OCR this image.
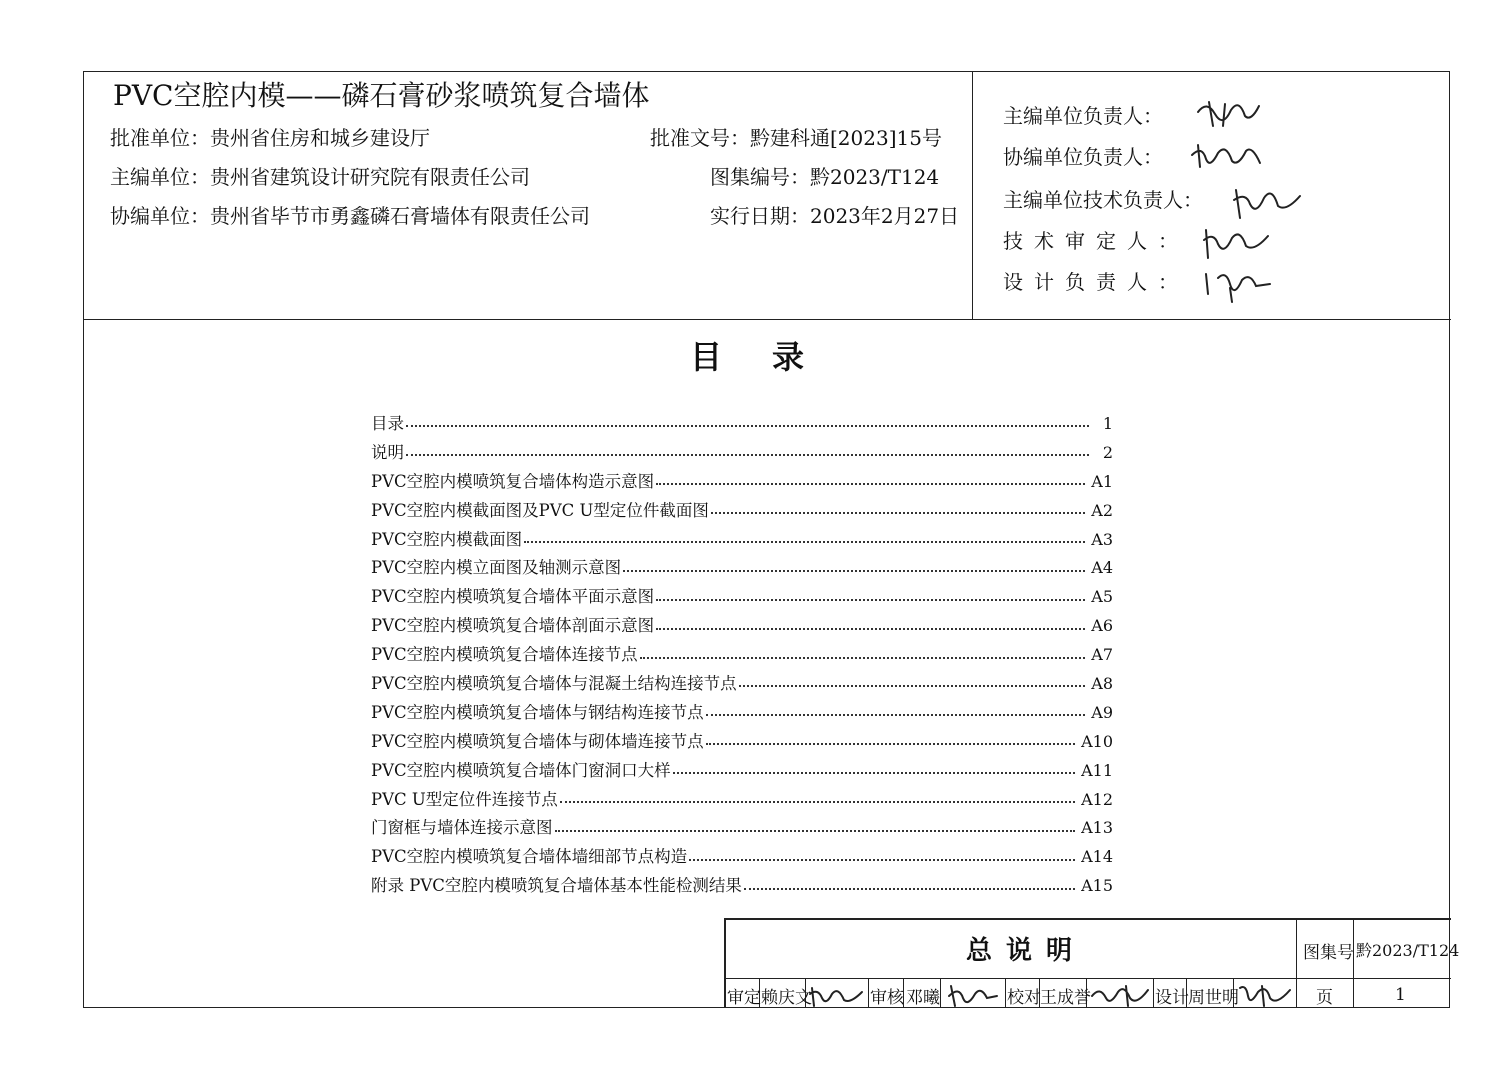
PVC空腔内模——磷石膏砂浆喷筑复合墙体
批准单位：贵州省住房和城乡建设厅	批准文号：黔建科通[2023]15号
主编单位：贵州省建筑设计研究院有限责任公司	图集编号：黔2023/T124
协编单位：贵州省毕节市勇鑫磷石膏墙体有限责任公司	实行日期：2023年2月27日
主编单位负责人：
协编单位负责人：
主编单位技术负责人：
技术审定人：
设计负责人：
目录
目录	1
说明	2
PVC空腔内模喷筑复合墙体构造示意图	A1
PVC空腔内模截面图及PVC U型定位件截面图	A2
PVC空腔内模截面图	A3
PVC空腔内模立面图及轴测示意图	A4
PVC空腔内模喷筑复合墙体平面示意图	A5
PVC空腔内模喷筑复合墙体剖面示意图	A6
PVC空腔内模喷筑复合墙体连接节点	A7
PVC空腔内模喷筑复合墙体与混凝土结构连接节点	A8
PVC空腔内模喷筑复合墙体与钢结构连接节点	A9
PVC空腔内模喷筑复合墙体与砌体墙连接节点	A10
PVC空腔内模喷筑复合墙体门窗洞口大样	A11
PVC U型定位件连接节点	A12
门窗框与墙体连接示意图	A13
PVC空腔内模喷筑复合墙体墙细部节点构造	A14
附录 PVC空腔内模喷筑复合墙体基本性能检测结果	A15
总说明	图集号 黔2023/T124
页	1
审定 赖庆文	审核 邓曦	校对 王成誉	设计 周世明
